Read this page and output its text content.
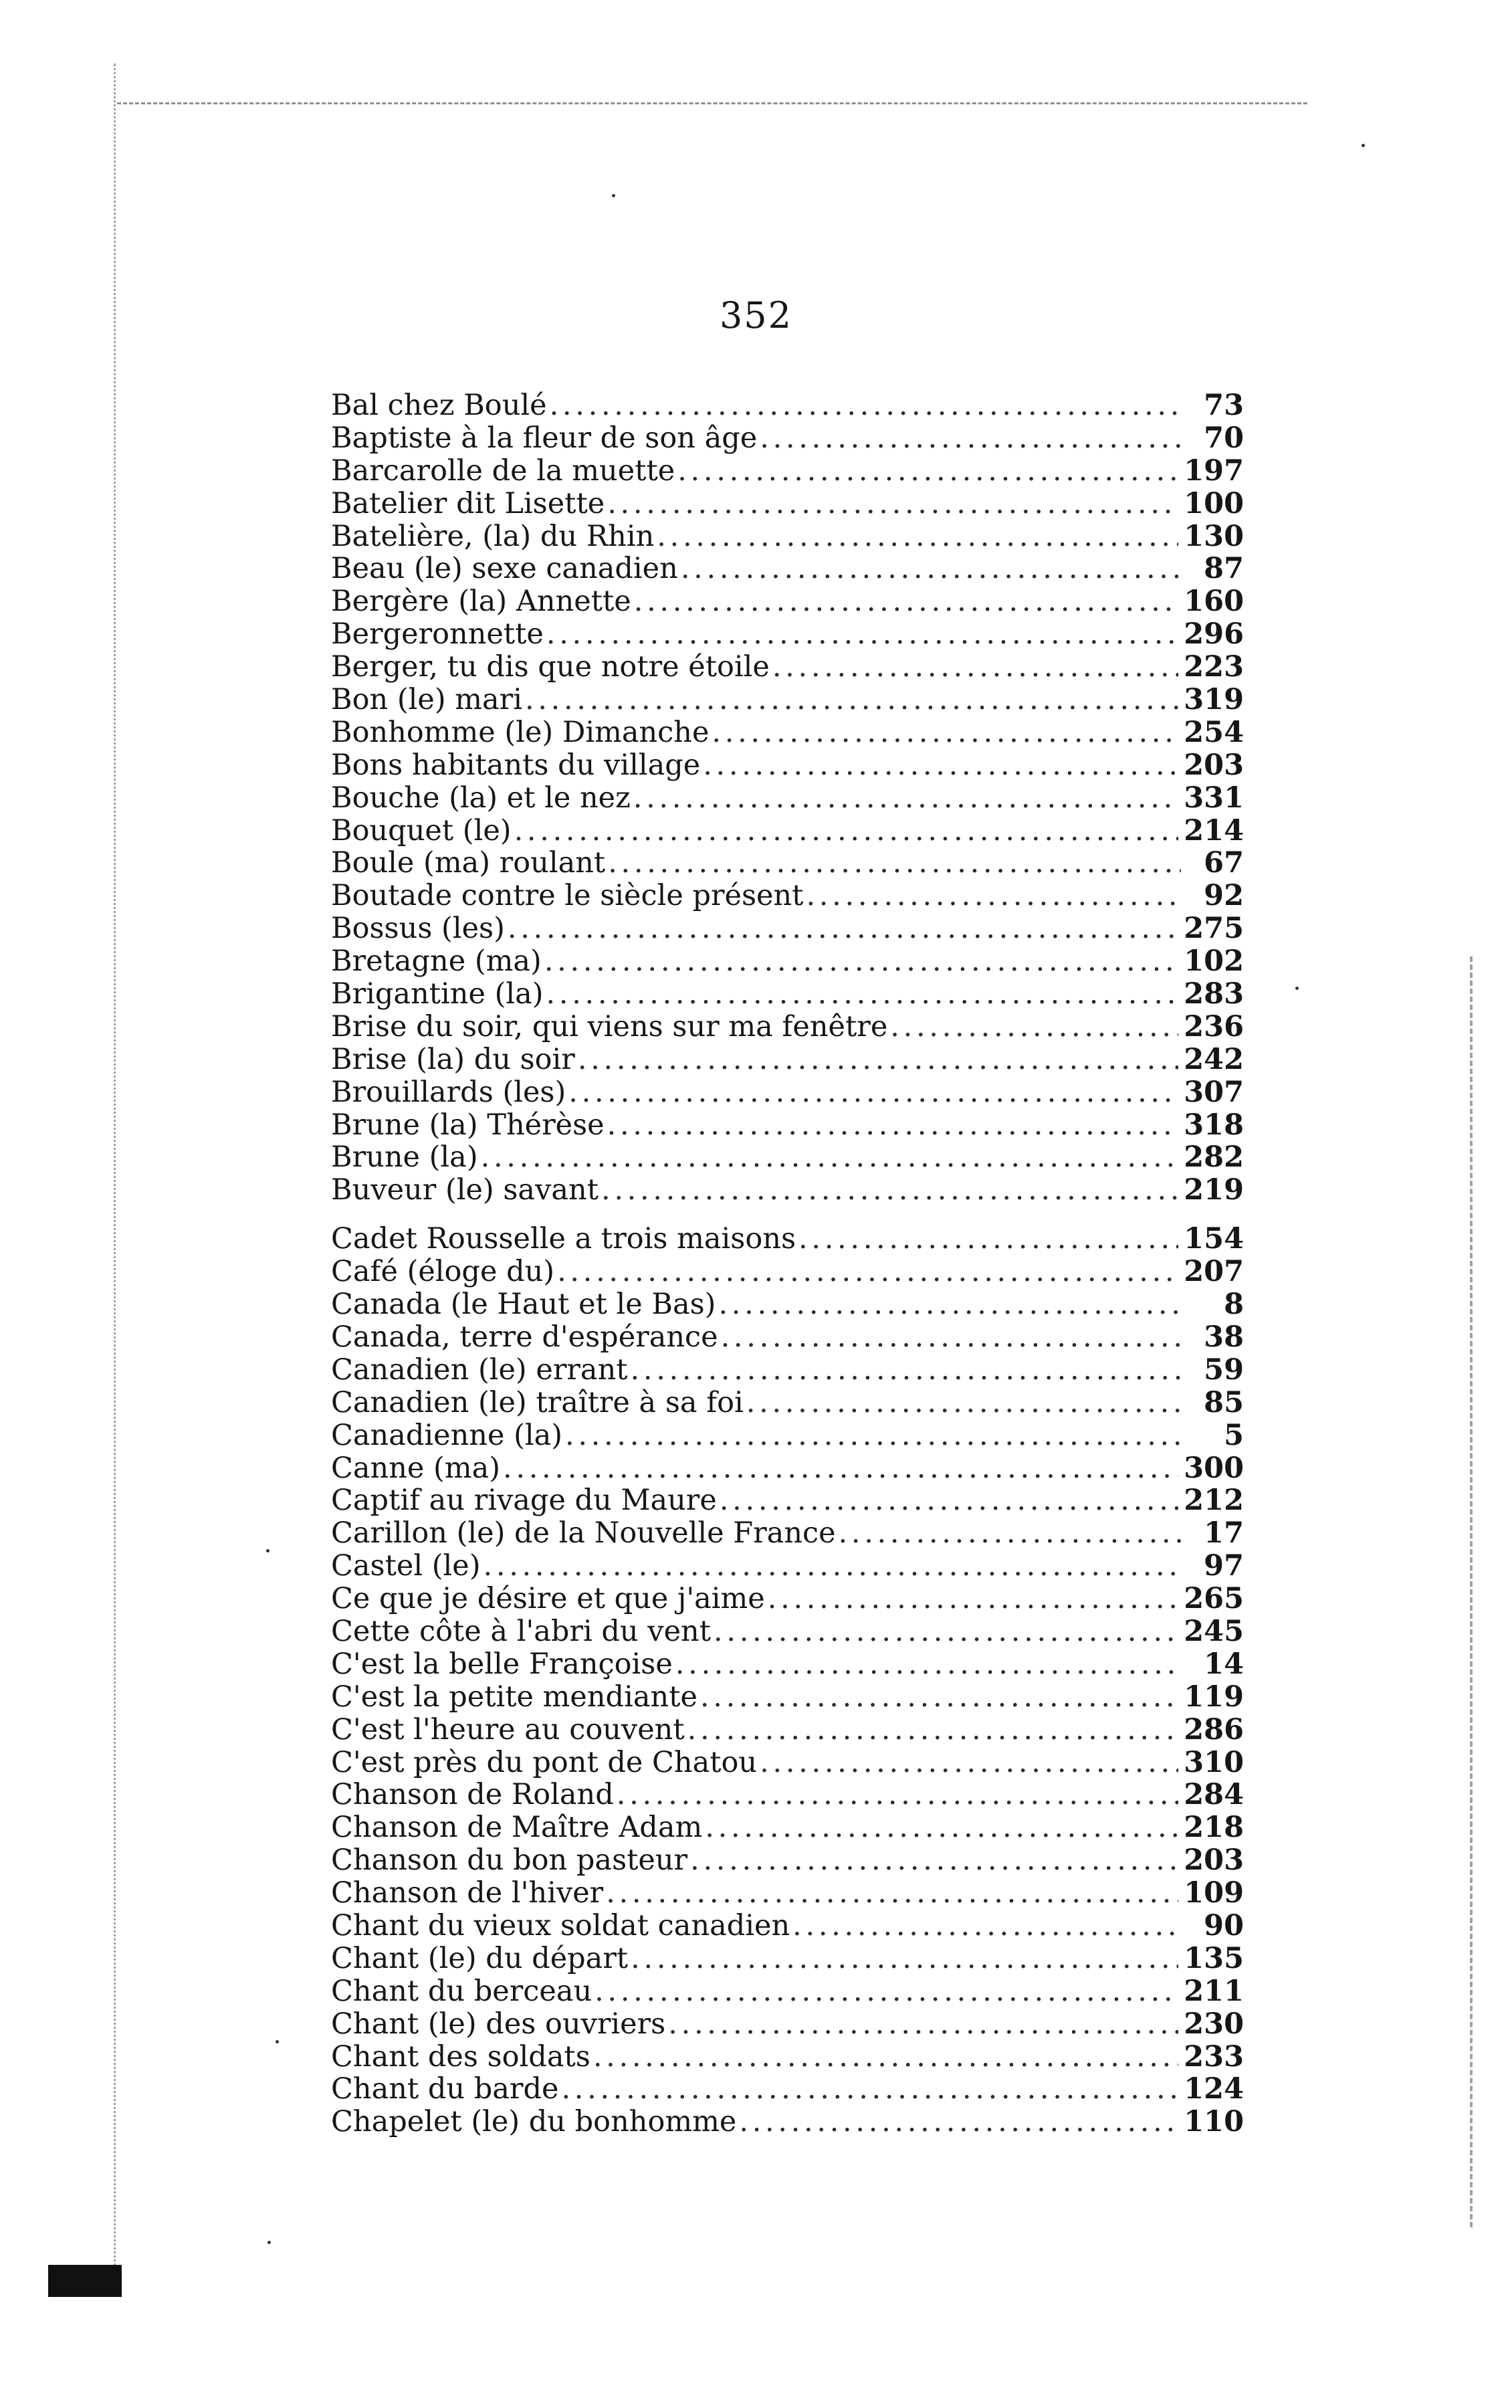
352
Bal chez Boulé . . .	73
Baptiste à la fleur de son âge . . .	70
Barcarolle de la muette . . .	197
Batelier dit Lisette . . .	100
Batelière, (la) du Rhin . . .	130
Beau (le) sexe canadien . . .	87
Bergère (la) Annette . . .	160
Bergeronnette . . .	296
Berger, tu dis que notre étoile . . .	223
Bon (le) mari . . .	319
Bonhomme (le) Dimanche . . .	254
Bons habitants du village . . .	203
Bouche (la) et le nez . . .	331
Bouquet (le) . . .	214
Boule (ma) roulant . . .	67
Boutade contre le siècle présent . . .	92
Bossus (les) . . .	275
Bretagne (ma) . . .	102
Brigantine (la) . . .	283
Brise du soir, qui viens sur ma fenêtre . . .	236
Brise (la) du soir . . .	242
Brouillards (les) . . .	307
Brune (la) Thérèse . . .	318
Brune (la) . . .	282
Buveur (le) savant . . .	219
Cadet Rousselle a trois maisons . . .	154
Café (éloge du) . . .	207
Canada (le Haut et le Bas) . . .	8
Canada, terre d'espérance . . .	38
Canadien (le) errant . . .	59
Canadien (le) traître à sa foi . . .	85
Canadienne (la) . . .	5
Canne (ma) . . .	300
Captif au rivage du Maure . . .	212
Carillon (le) de la Nouvelle France . . .	17
Castel (le) . . .	97
Ce que je désire et que j'aime . . .	265
Cette côte à l'abri du vent . . .	245
C'est la belle Françoise . . .	14
C'est la petite mendiante . . .	119
C'est l'heure au couvent . . .	286
C'est près du pont de Chatou . . .	310
Chanson de Roland . . .	284
Chanson de Maître Adam . . .	218
Chanson du bon pasteur . . .	203
Chanson de l'hiver . . .	109
Chant du vieux soldat canadien . . .	90
Chant (le) du départ . . .	135
Chant du berceau . . .	211
Chant (le) des ouvriers . . .	230
Chant des soldats . . .	233
Chant du barde . . .	124
Chapelet (le) du bonhomme . . .	110
